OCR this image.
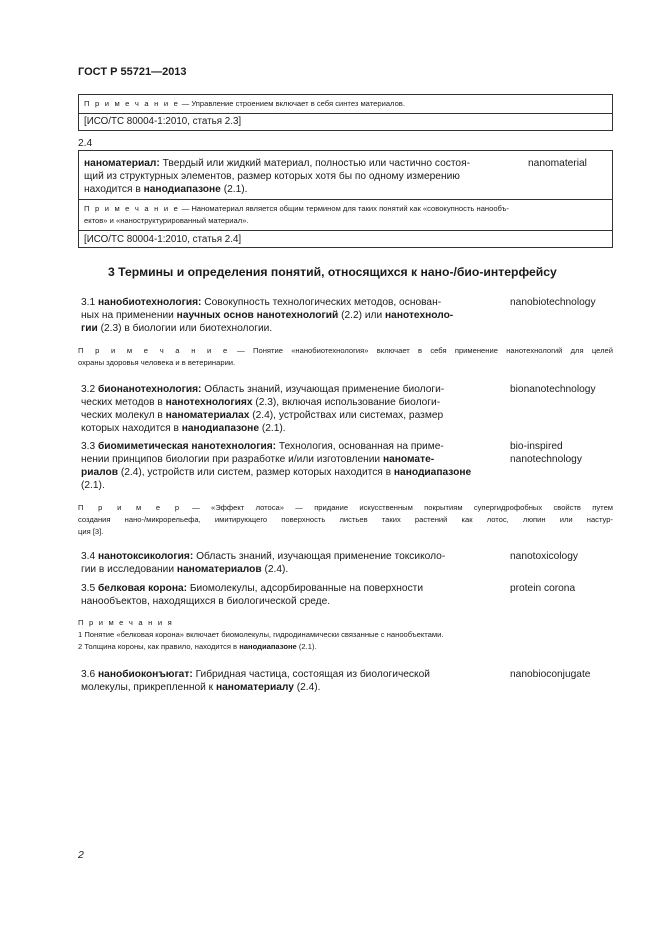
ГОСТ Р 55721—2013
П р и м е ч а н и е — Управление строением включает в себя синтез материалов.
[ИСО/ТС 80004-1:2010, статья 2.3]
2.4
наноматериал: Твердый или жидкий материал, полностью или частично состоя-
щий из структурных элементов, размер которых хотя бы по одному измерению
находится в нанодиапазоне (2.1).
nanomaterial
П р и м е ч а н и е — Наноматериал является общим термином для таких понятий как «совокупность нанообъ-
ектов» и «наноструктурированный материал».
[ИСО/ТС 80004-1:2010, статья 2.4]
3 Термины и определения понятий, относящихся к нано-/био-интерфейсу
3.1 нанобиотехнология: Совокупность технологических методов, основан-
ных на применении научных основ нанотехнологий (2.2) или нанотехноло-
гии (2.3) в биологии или биотехнологии.
nanobiotechnology
П р и м е ч а н и е — Понятие «нанобиотехнология» включает в себя применение нанотехнологий для целей
охраны здоровья человека и в ветеринарии.
3.2 бионанотехнология: Область знаний, изучающая применение биологи-
ческих методов в нанотехнологиях (2.3), включая использование биологи-
ческих молекул в наноматериалах (2.4), устройствах или системах, размер
которых находится в нанодиапазоне (2.1).
bionanotechnology
3.3 биомиметическая нанотехнология: Технология, основанная на приме-
нении принципов биологии при разработке и/или изготовлении наномате-
риалов (2.4), устройств или систем, размер которых находится в нанодиапазоне
(2.1).
bio-inspired
nanotechnology
П р и м е р — «Эффект лотоса» — придание искусственным покрытиям супергидрофобных свойств путем
создания нано-/микрорельефа, имитирующего поверхность листьев таких растений как лотос, люпин или настур-
ция [3].
3.4 нанотоксикология: Область знаний, изучающая применение токсиколо-
гии в исследовании наноматериалов (2.4).
nanotoxicology
3.5 белковая корона: Биомолекулы, адсорбированные на поверхности
нанообъектов, находящихся в биологической среде.
protein corona
П р и м е ч а н и я
1 Понятие «белковая корона» включает биомолекулы, гидродинамически связанные с нанообъектами.
2 Толщина короны, как правило, находится в нанодиапазоне (2.1).
3.6 нанобиоконъюгат: Гибридная частица, состоящая из биологической
молекулы, прикрепленной к наноматериалу (2.4).
nanobioconjugate
2
